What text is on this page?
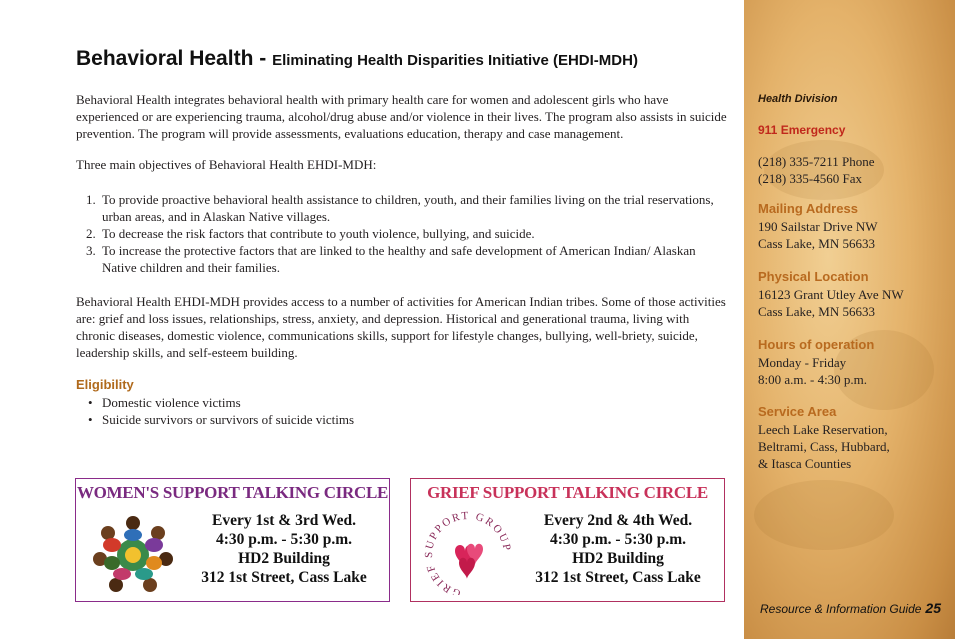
Behavioral Health - Eliminating Health Disparities Initiative (EHDI-MDH)
Behavioral Health integrates behavioral health with primary health care for women and adolescent girls who have experienced or are experiencing trauma, alcohol/drug abuse and/or violence in their lives. The program also assists in suicide prevention. The program will provide assessments, evaluations education, therapy and case management.
Three main objectives of Behavioral Health EHDI-MDH:
1. To provide proactive behavioral health assistance to children, youth, and their families living on the trial reservations, urban areas, and in Alaskan Native villages.
2. To decrease the risk factors that contribute to youth violence, bullying, and suicide.
3. To increase the protective factors that are linked to the healthy and safe development of American Indian/ Alaskan Native children and their families.
Behavioral Health EHDI-MDH provides access to a number of activities for American Indian tribes. Some of those activities are: grief and loss issues, relationships, stress, anxiety, and depression. Historical and generational trauma, living with chronic diseases, domestic violence, communications skills, support for lifestyle changes, bullying, well-briety, suicide, leadership skills, and self-esteem building.
Eligibility
• Domestic violence victims
• Suicide survivors or survivors of suicide victims
WOMEN'S SUPPORT TALKING CIRCLE
Every 1st & 3rd Wed.
4:30 p.m. - 5:30 p.m.
HD2 Building
312 1st Street, Cass Lake
GRIEF SUPPORT TALKING CIRCLE
GRIEF SUPPORT GROUP
Every 2nd & 4th Wed.
4:30 p.m. - 5:30 p.m.
HD2 Building
312 1st Street, Cass Lake
Health Division
911 Emergency
(218) 335-7211 Phone
(218) 335-4560 Fax
Mailing Address
190 Sailstar Drive NW
Cass Lake, MN 56633
Physical Location
16123 Grant Utley Ave NW
Cass Lake, MN 56633
Hours of operation
Monday - Friday
8:00 a.m. - 4:30 p.m.
Service Area
Leech Lake Reservation,
Beltrami, Cass, Hubbard,
& Itasca Counties
Resource & Information Guide 25
